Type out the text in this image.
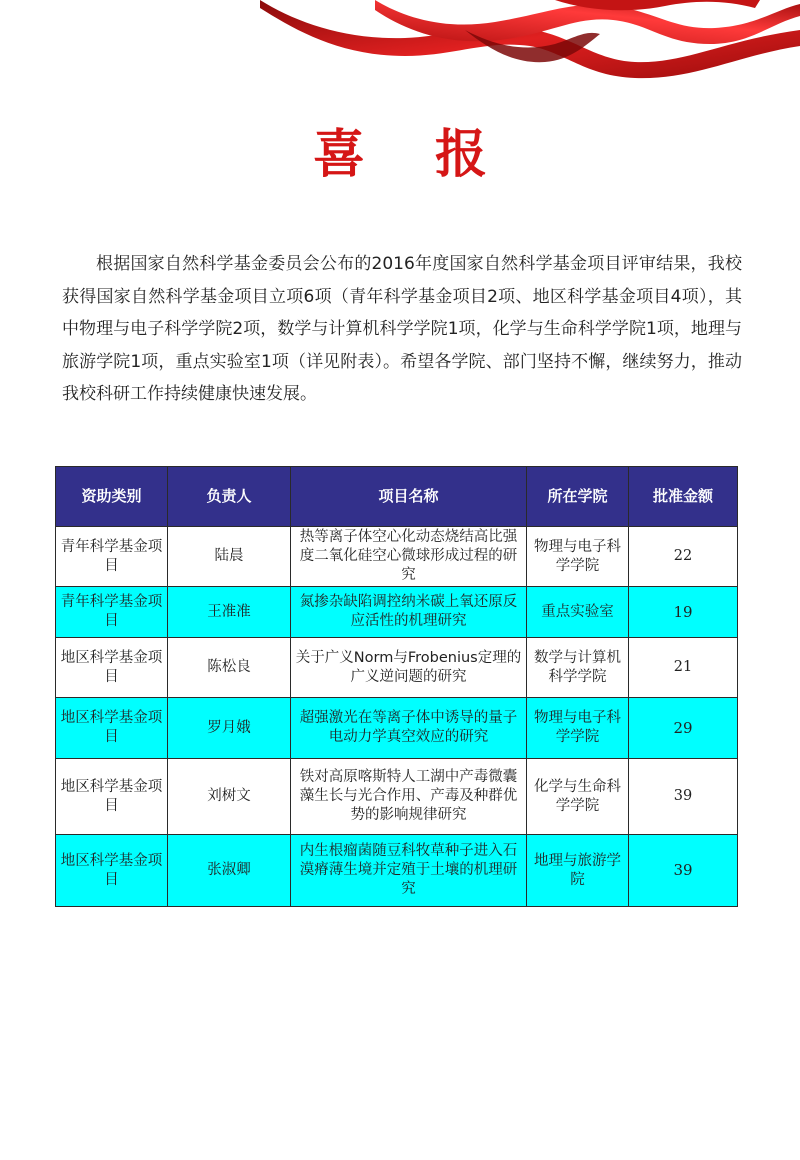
喜 报

根据国家自然科学基金委员会公布的2016年度国家自然科学基金项目评审结果，我校获得国家自然科学基金项目立项6项（青年科学基金项目2项、地区科学基金项目4项），其中物理与电子科学学院2项，数学与计算机科学学院1项，化学与生命科学学院1项，地理与旅游学院1项，重点实验室1项（详见附表）。希望各学院、部门坚持不懈，继续努力，推动我校科研工作持续健康快速发展。

资助类别	负责人	项目名称	所在学院	批准金额
青年科学基金项目	陆晨	热等离子体空心化动态烧结高比强度二氧化硅空心微球形成过程的研究	物理与电子科学学院	22
青年科学基金项目	王准准	氮掺杂缺陷调控纳米碳上氧还原反应活性的机理研究	重点实验室	19
地区科学基金项目	陈松良	关于广义Norm与Frobenius定理的广义逆问题的研究	数学与计算机科学学院	21
地区科学基金项目	罗月娥	超强激光在等离子体中诱导的量子电动力学真空效应的研究	物理与电子科学学院	29
地区科学基金项目	刘树文	铁对高原喀斯特人工湖中产毒微囊藻生长与光合作用、产毒及种群优势的影响规律研究	化学与生命科学学院	39
地区科学基金项目	张淑卿	内生根瘤菌随豆科牧草种子进入石漠瘠薄生境并定殖于土壤的机理研究	地理与旅游学院	39
